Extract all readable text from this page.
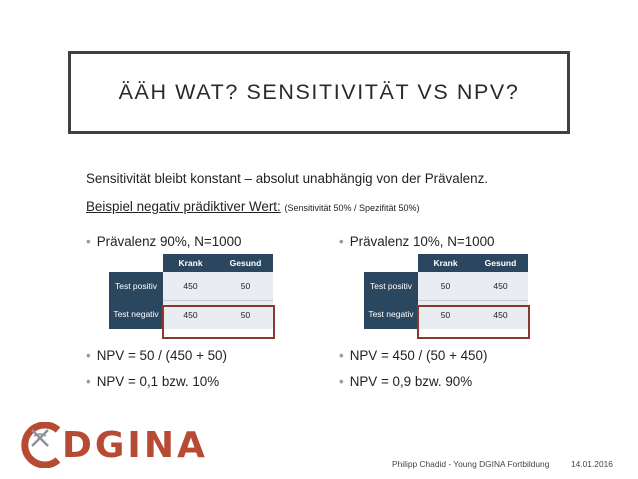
ÄÄH WAT? SENSITIVITÄT VS NPV?
Sensitivität bleibt konstant – absolut unabhängig von der Prävalenz.
Beispiel negativ prädiktiver Wert: (Sensitivität 50% / Spezifität 50%)
• Prävalenz 90%, N=1000
	Krank	Gesund
Test positiv	450	50
Test negativ	450	50
• NPV = 50 / (450 + 50)
• NPV = 0,1 bzw. 10%
• Prävalenz 10%, N=1000
	Krank	Gesund
Test positiv	50	450
Test negativ	50	450
• NPV = 450 / (50 + 450)
• NPV = 0,9 bzw. 90%
DGINA	Philipp Chadid - Young DGINA Fortbildung	14.01.2016
